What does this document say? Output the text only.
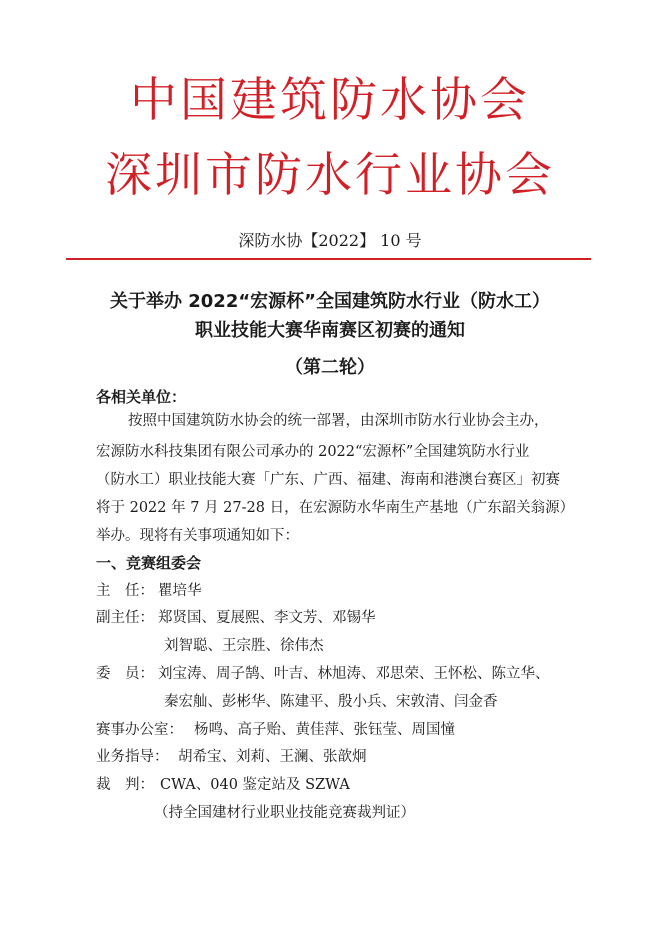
中国建筑防水协会
深圳市防水行业协会
深防水协【2022】 10 号
关于举办 2022“宏源杯”全国建筑防水行业（防水工）
职业技能大赛华南赛区初赛的通知
（第二轮）
各相关单位：
按照中国建筑防水协会的统一部署，由深圳市防水行业协会主办，
宏源防水科技集团有限公司承办的 2022“宏源杯”全国建筑防水行业
（防水工）职业技能大赛「广东、广西、福建、海南和港澳台赛区」初赛
将于 2022 年 7 月 27-28 日，在宏源防水华南生产基地（广东韶关翁源）
举办。现将有关事项通知如下：
一、竞赛组委会
主　任： 瞿培华
副主任： 郑贤国、夏展熙、李文芳、邓锡华
刘智聪、王宗胜、徐伟杰
委　员： 刘宝涛、周子鹄、叶吉、林旭涛、邓思荣、王怀松、陈立华、
秦宏舢、彭彬华、陈建平、殷小兵、宋敦清、闫金香
赛事办公室： 杨鸣、高子贻、黄佳萍、张钰莹、周国憧
业务指导： 胡希宝、刘莉、王澜、张歆炯
裁　判： CWA、040 鉴定站及 SZWA
（持全国建材行业职业技能竞赛裁判证）
